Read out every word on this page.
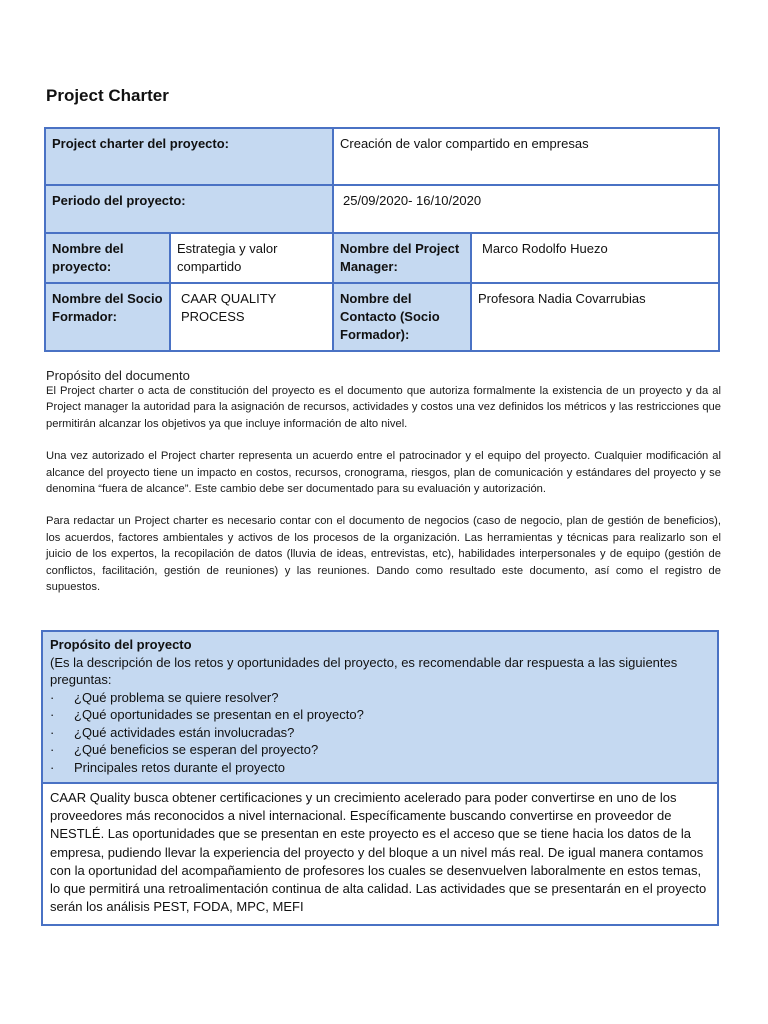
Project Charter
Project charter del proyecto:		Creación de valor compartido en empresas	
Periodo del proyecto:		25/09/2020- 16/10/2020	
Nombre del proyecto:	Estrategia y valor compartido	Nombre del Project Manager:	Marco Rodolfo Huezo
Nombre del Socio Formador:	CAAR QUALITY PROCESS	Nombre del Contacto (Socio Formador):	Profesora Nadia Covarrubias
Propósito del documento

El Project charter o acta de constitución del proyecto es el documento que autoriza formalmente la existencia de un proyecto y da al Project manager la autoridad para la asignación de recursos, actividades y costos una vez definidos los métricos y las restricciones que permitirán alcanzar los objetivos ya que incluye información de alto nivel.

Una vez autorizado el Project charter representa un acuerdo entre el patrocinador y el equipo del proyecto. Cualquier modificación al alcance del proyecto tiene un impacto en costos, recursos, cronograma, riesgos, plan de comunicación y estándares del proyecto y se denomina “fuera de alcance”. Este cambio debe ser documentado para su evaluación y autorización.

Para redactar un Project charter es necesario contar con el documento de negocios (caso de negocio, plan de gestión de beneficios), los acuerdos, factores ambientales y activos de los procesos de la organización. Las herramientas y técnicas para realizarlo son el juicio de los expertos, la recopilación de datos (lluvia de ideas, entrevistas, etc), habilidades interpersonales y de equipo (gestión de conflictos, facilitación, gestión de reuniones) y las reuniones. Dando como resultado este documento, así como el registro de supuestos.

Propósito del proyecto
(Es la descripción de los retos y oportunidades del proyecto, es recomendable dar respuesta a las siguientes preguntas:
· ¿Qué problema se quiere resolver?
· ¿Qué oportunidades se presentan en el proyecto?
· ¿Qué actividades están involucradas?
· ¿Qué beneficios se esperan del proyecto?
· Principales retos durante el proyecto
CAAR Quality busca obtener certificaciones y un crecimiento acelerado para poder convertirse en uno de los proveedores más reconocidos a nivel internacional. Específicamente buscando convertirse en proveedor de NESTLÉ. Las oportunidades que se presentan en este proyecto es el acceso que se tiene hacia los datos de la empresa, pudiendo llevar la experiencia del proyecto y del bloque a un nivel más real. De igual manera contamos con la oportunidad del acompañamiento de profesores los cuales se desenvuelven laboralmente en estos temas, lo que permitirá una retroalimentación continua de alta calidad. Las actividades que se presentarán en el proyecto serán los análisis PEST, FODA, MPC, MEFI
